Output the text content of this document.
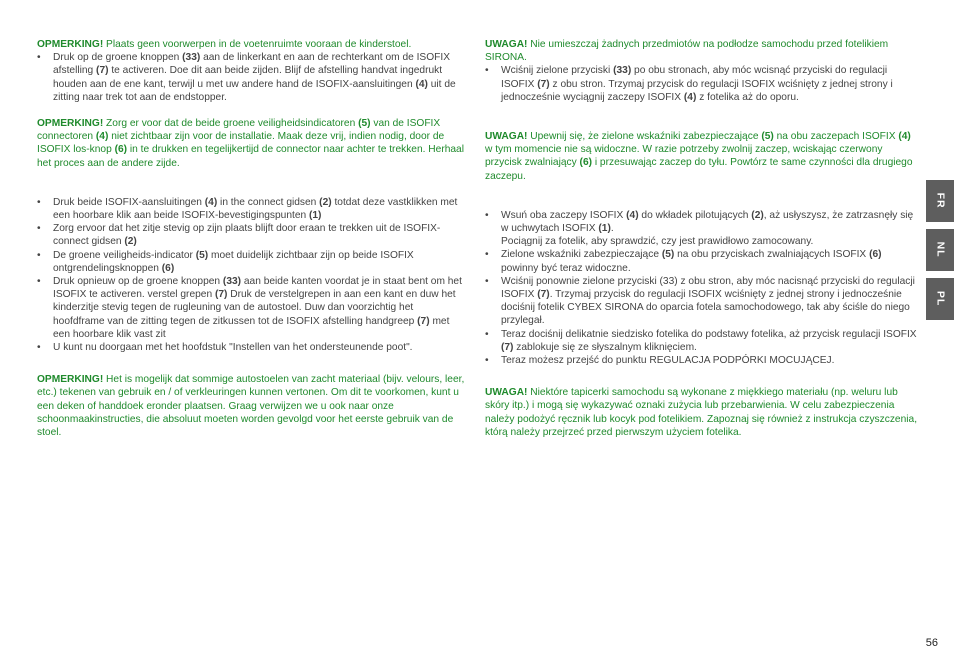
OPMERKING! Plaats geen voorwerpen in de voetenruimte vooraan de kinderstoel.

• Druk op de groene knoppen (33) aan de linkerkant en aan de rechterkant om de ISOFIX afstelling (7) te activeren. Doe dit aan beide zijden. Blijf de afstelling handvat ingedrukt houden aan de ene kant, terwijl u met uw andere hand de ISOFIX-aansluitingen (4) uit de zitting naar trek tot aan de endstopper.

OPMERKING! Zorg er voor dat de beide groene veiligheidsindicatoren (5) van de ISOFIX connectoren (4) niet zichtbaar zijn voor de installatie. Maak deze vrij, indien nodig, door de ISOFIX los-knop (6) in te drukken en tegelijkertijd de connector naar achter te trekken. Herhaal het proces aan de andere zijde.

• Druk beide ISOFIX-aansluitingen (4) in the connect gidsen (2) totdat deze vastklikken met een hoorbare klik aan beide ISOFIX-bevestigingspunten (1)
• Zorg ervoor dat het zitje stevig op zijn plaats blijft door eraan te trekken uit de ISOFIX-connect gidsen (2)
• De groene veiligheids-indicator (5) moet duidelijk zichtbaar zijn op beide ISOFIX ontgrendelingsknoppen (6)
• Druk opnieuw op de groene knoppen (33) aan beide kanten voordat je in staat bent om het ISOFIX te activeren. verstel grepen (7) Druk de verstelgrepen in aan een kant en duw het kinderzitje stevig tegen de rugleuning van de autostoel. Duw dan voorzichtig het hoofdframe van de zitting tegen de zitkussen tot de ISOFIX afstelling handgreep (7) met een hoorbare klik vast zit
• U kunt nu doorgaan met het hoofdstuk "Instellen van het ondersteunende poot".

OPMERKING! Het is mogelijk dat sommige autostoelen van zacht materiaal (bijv. velours, leer, etc.) tekenen van gebruik en / of verkleuringen kunnen vertonen. Om dit te voorkomen, kunt u een deken of handdoek eronder plaatsen. Graag verwijzen we u ook naar onze schoonmaakinstructies, die absoluut moeten worden gevolgd voor het eerste gebruik van de stoel.

UWAGA! Nie umieszczaj żadnych przedmiotów na podłodze samochodu przed fotelikiem SIRONA.

• Wciśnij zielone przyciski (33) po obu stronach, aby móc wcisnąć przyciski do regulacji ISOFIX (7) z obu stron. Trzymaj przycisk do regulacji ISOFIX wciśnięty z jednej strony i jednocześnie wyciągnij zaczepy ISOFIX (4) z fotelika aż do oporu.

UWAGA! Upewnij się, że zielone wskaźniki zabezpieczające (5) na obu zaczepach ISOFIX (4) w tym momencie nie są widoczne. W razie potrzeby zwolnij zaczep, wciskając czerwony przycisk zwalniający (6) i przesuwając zaczep do tyłu. Powtórz te same czynności dla drugiego zaczepu.

• Wsuń oba zaczepy ISOFIX (4) do wkładek pilotujących (2), aż usłyszysz, że zatrzasnęły się w uchwytach ISOFIX (1).
Pociągnij za fotelik, aby sprawdzić, czy jest prawidłowo zamocowany.
• Zielone wskaźniki zabezpieczające (5) na obu przyciskach zwalniających ISOFIX (6) powinny być teraz widoczne.
• Wciśnij ponownie zielone przyciski (33) z obu stron, aby móc nacisnąć przyciski do regulacji ISOFIX (7). Trzymaj przycisk do regulacji ISOFIX wciśnięty z jednej strony i jednocześnie dociśnij fotelik CYBEX SIRONA do oparcia fotela samochodowego, tak aby ściśle do niego przylegał.
• Teraz dociśnij delikatnie siedzisko fotelika do podstawy fotelika, aż przycisk regulacji ISOFIX (7) zablokuje się ze słyszalnym kliknięciem.
• Teraz możesz przejść do punktu REGULACJA PODPÓRKI MOCUJĄCEJ.

UWAGA! Niektóre tapicerki samochodu są wykonane z miękkiego materiału (np. weluru lub skóry itp.) i mogą się wykazywać oznaki zużycia lub przebarwienia. W celu zabezpieczenia należy podożyć ręcznik lub kocyk pod fotelikiem. Zapoznaj się również z instrukcja czyszczenia, którą należy przejrzeć przed pierwszym użyciem fotelika.

FR
NL
PL
56
